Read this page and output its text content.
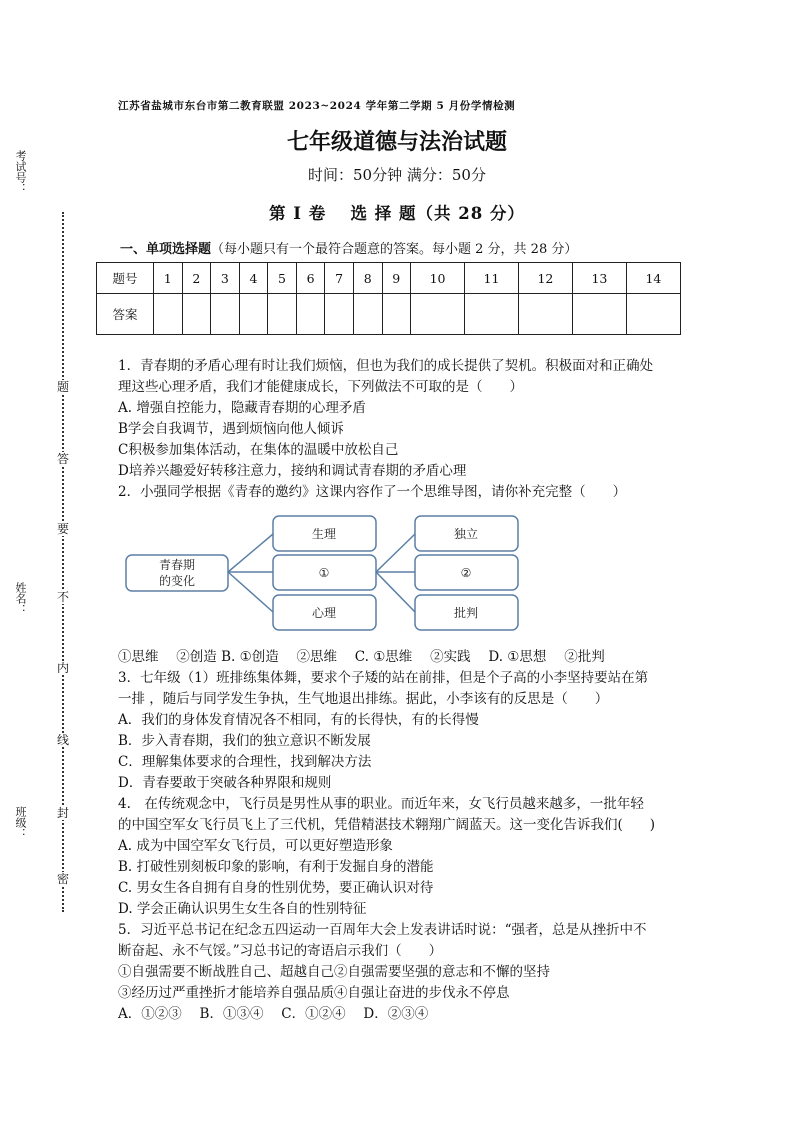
考试号：
姓名：
班级：
题
答
要
不
内
线
封
密
江苏省盐城市东台市第二教育联盟 2023~2024 学年第二学期 5 月份学情检测
七年级道德与法治试题
时间：50分钟 满分：50分
第 I 卷　 选 择 题（共 28 分）
一、单项选择题（每小题只有一个最符合题意的答案。每小题 2 分，共 28 分）
题号	1	2	3	4	5	6	7	8	9	10	11	12	13	14
答案														
1．青春期的矛盾心理有时让我们烦恼，但也为我们的成长提供了契机。积极面对和正确处
理这些心理矛盾，我们才能健康成长，下列做法不可取的是（　　）
A. 增强自控能力，隐藏青春期的心理矛盾
B学会自我调节，遇到烦恼向他人倾诉
C积极参加集体活动，在集体的温暖中放松自己
D培养兴趣爱好转移注意力，接纳和调试青春期的矛盾心理
2．小强同学根据《青春的邀约》这课内容作了一个思维导图，请你补充完整（　　）
①思维　 ②创造 B. ①创造　 ②思维　 C. ①思维　 ②实践　 D. ①思想　 ②批判
3．七年级（1）班排练集体舞，要求个子矮的站在前排，但是个子高的小李坚持要站在第
一排 ，随后与同学发生争执，生气地退出排练。据此，小李该有的反思是（　　）
A．我们的身体发育情况各不相同，有的长得快，有的长得慢
B．步入青春期，我们的独立意识不断发展
C．理解集体要求的合理性，找到解决方法
D．青春要敢于突破各种界限和规则
4.　在传统观念中，飞行员是男性从事的职业。而近年来，女飞行员越来越多，一批年轻
的中国空军女飞行员飞上了三代机，凭借精湛技术翱翔广阔蓝天。这一变化告诉我们(　　)
A. 成为中国空军女飞行员，可以更好塑造形象
B. 打破性别刻板印象的影响，有利于发掘自身的潜能
C. 男女生各自拥有自身的性别优势，要正确认识对待
D. 学会正确认识男生女生各自的性别特征
5．习近平总书记在纪念五四运动一百周年大会上发表讲话时说：“强者，总是从挫折中不
断奋起、永不气馁。”习总书记的寄语启示我们（　　）
①自强需要不断战胜自己、超越自己②自强需要坚强的意志和不懈的坚持
③经历过严重挫折才能培养自强品质④自强让奋进的步伐永不停息
A．①②③　 B．①③④　 C．①②④　 D．②③④
青春期
的变化
生理
①
心理
独立
②
批判
